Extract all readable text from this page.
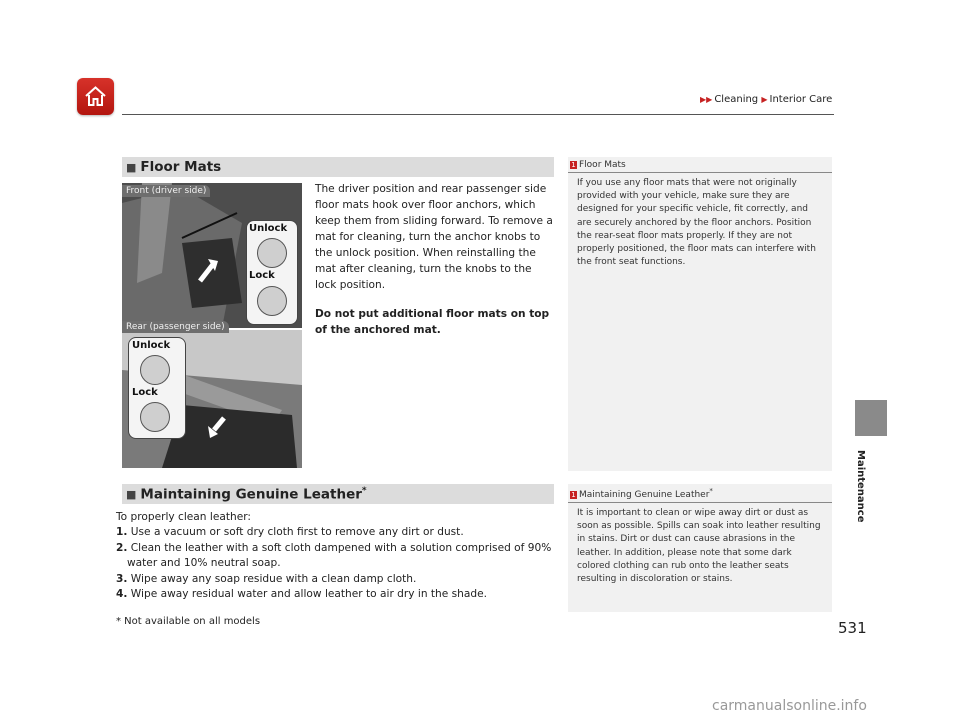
▶▶ Cleaning ▶ Interior Care
Maintenance
■ Floor Mats	1 Floor Mats
If you use any floor mats that were not originally provided with your vehicle, make sure they are designed for your specific vehicle, fit correctly, and are securely anchored by the floor anchors. Position the rear-seat floor mats properly. If they are not properly positioned, the floor mats can interfere with the front seat functions.
Front (driver side)
Unlock
Lock
Rear (passenger side)
Unlock
Lock
The driver position and rear passenger side floor mats hook over floor anchors, which keep them from sliding forward. To remove a mat for cleaning, turn the anchor knobs to the unlock position. When reinstalling the mat after cleaning, turn the knobs to the lock position.
Do not put additional floor mats on top of the anchored mat.
■ Maintaining Genuine Leather*	1 Maintaining Genuine Leather*
It is important to clean or wipe away dirt or dust as soon as possible. Spills can soak into leather resulting in stains. Dirt or dust can cause abrasions in the leather. In addition, please note that some dark colored clothing can rub onto the leather seats resulting in discoloration or stains.
To properly clean leather:
1. Use a vacuum or soft dry cloth first to remove any dirt or dust.
2. Clean the leather with a soft cloth dampened with a solution comprised of 90% water and 10% neutral soap.
3. Wipe away any soap residue with a clean damp cloth.
4. Wipe away residual water and allow leather to air dry in the shade.
* Not available on all models	531
carmanualsonline.info
